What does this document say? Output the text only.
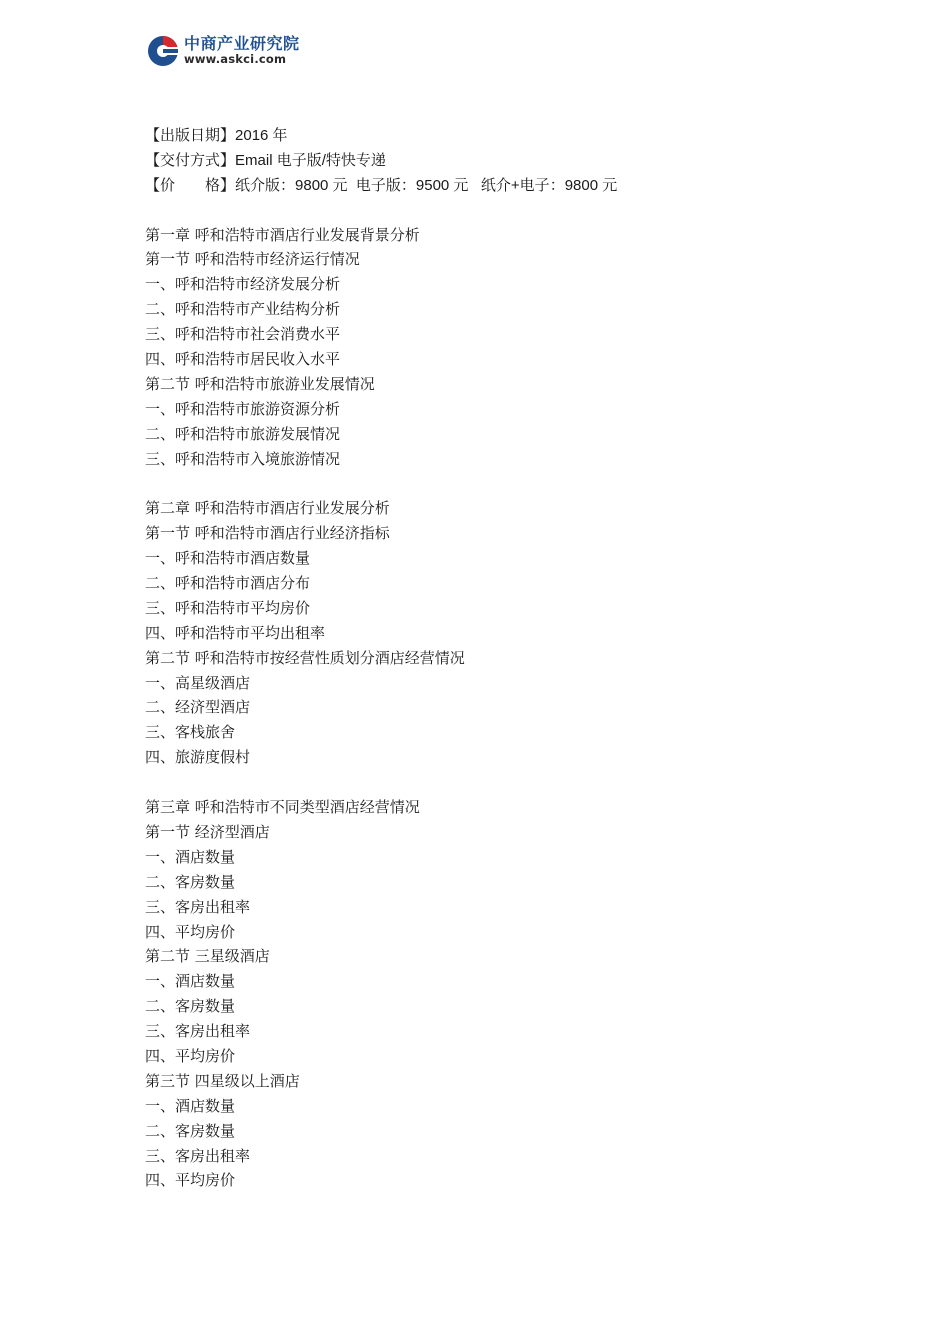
中商产业研究院
www.askci.com
【出版日期】2016 年
【交付方式】Email 电子版/特快专递
【价　　格】纸介版：9800 元  电子版：9500 元   纸介+电子：9800 元
第一章 呼和浩特市酒店行业发展背景分析
第一节 呼和浩特市经济运行情况
一、呼和浩特市经济发展分析
二、呼和浩特市产业结构分析
三、呼和浩特市社会消费水平
四、呼和浩特市居民收入水平
第二节 呼和浩特市旅游业发展情况
一、呼和浩特市旅游资源分析
二、呼和浩特市旅游发展情况
三、呼和浩特市入境旅游情况
第二章 呼和浩特市酒店行业发展分析
第一节 呼和浩特市酒店行业经济指标
一、呼和浩特市酒店数量
二、呼和浩特市酒店分布
三、呼和浩特市平均房价
四、呼和浩特市平均出租率
第二节 呼和浩特市按经营性质划分酒店经营情况
一、高星级酒店
二、经济型酒店
三、客栈旅舍
四、旅游度假村
第三章 呼和浩特市不同类型酒店经营情况
第一节 经济型酒店
一、酒店数量
二、客房数量
三、客房出租率
四、平均房价
第二节 三星级酒店
一、酒店数量
二、客房数量
三、客房出租率
四、平均房价
第三节 四星级以上酒店
一、酒店数量
二、客房数量
三、客房出租率
四、平均房价
